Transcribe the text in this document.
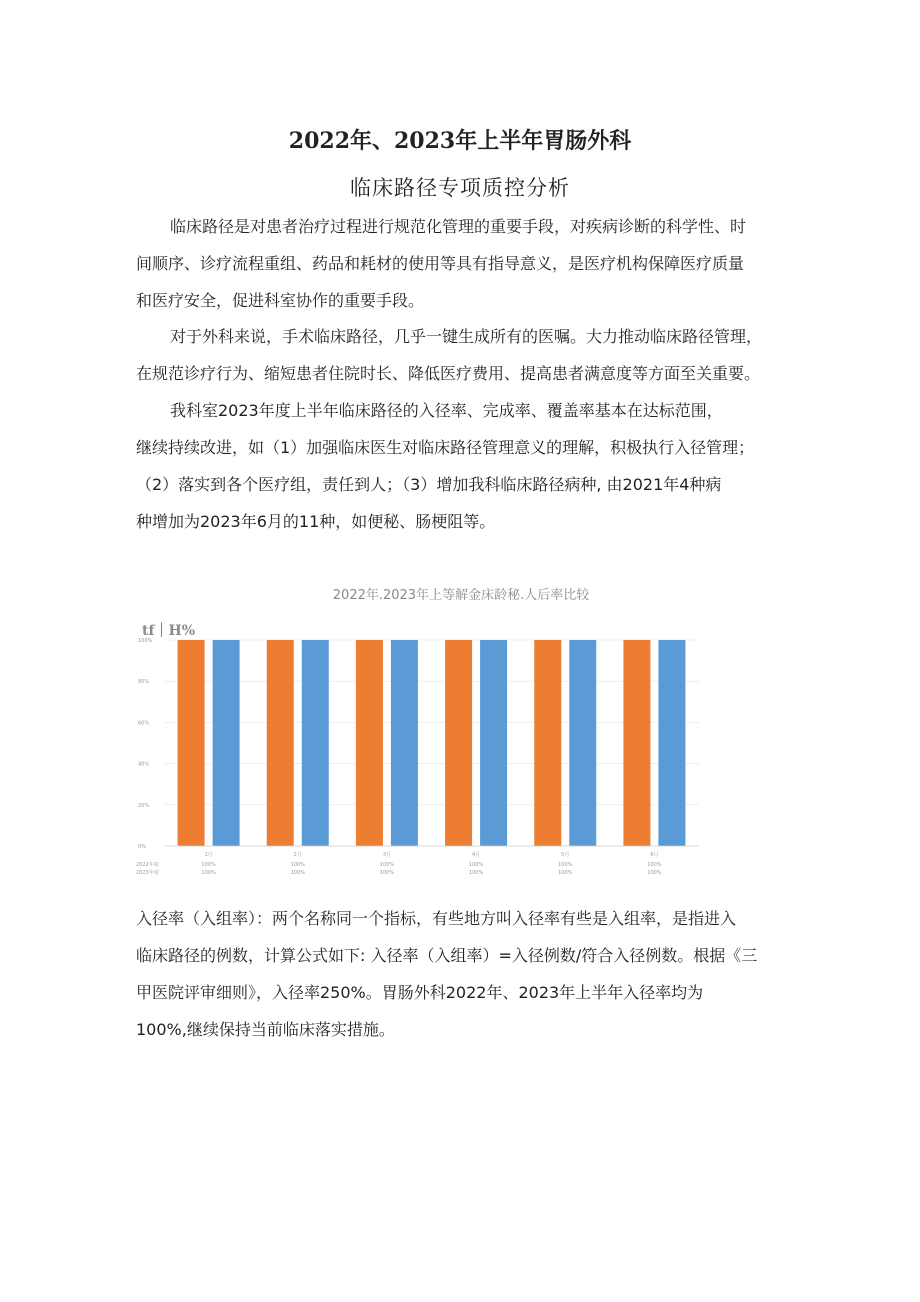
2022年、2023年上半年胃肠外科
临床路径专项质控分析
临床路径是对患者治疗过程进行规范化管理的重要手段，对疾病诊断的科学性、时
间顺序、诊疗流程重组、药品和耗材的使用等具有指导意义，是医疗机构保障医疗质量
和医疗安全，促进科室协作的重要手段。
对于外科来说，手术临床路径，几乎一键生成所有的医嘱。大力推动临床路径管理，
在规范诊疗行为、缩短患者住院时长、降低医疗费用、提高患者满意度等方面至关重要。
我科室2023年度上半年临床路径的入径率、完成率、覆盖率基本在达标范围，
继续持续改进，如（1）加强临床医生对临床路径管理意义的理解，积极执行入径管理；
（2）落实到各个医疗组，责任到人；（3）增加我科临床路径病种, 由2021年4种病
种增加为2023年6月的11种，如便秘、肠梗阻等。
2022年.2023年上等解金床龄秘.人后率比较
tf｜H%
0%
20%
40%
60%
80%
100%
1月
100%
100%
2月
100%
100%
3月
100%
100%
4月
100%
100%
5月
100%
100%
6月
100%
100%
2022年度
2023年度
入径率（入组率）：两个名称同一个指标，有些地方叫入径率有些是入组率，是指进入
临床路径的例数，计算公式如下: 入径率（入组率）=入径例数/符合入径例数。根据《三
甲医院评审细则》，入径率250%。胃肠外科2022年、2023年上半年入径率均为
100%,继续保持当前临床落实措施。
